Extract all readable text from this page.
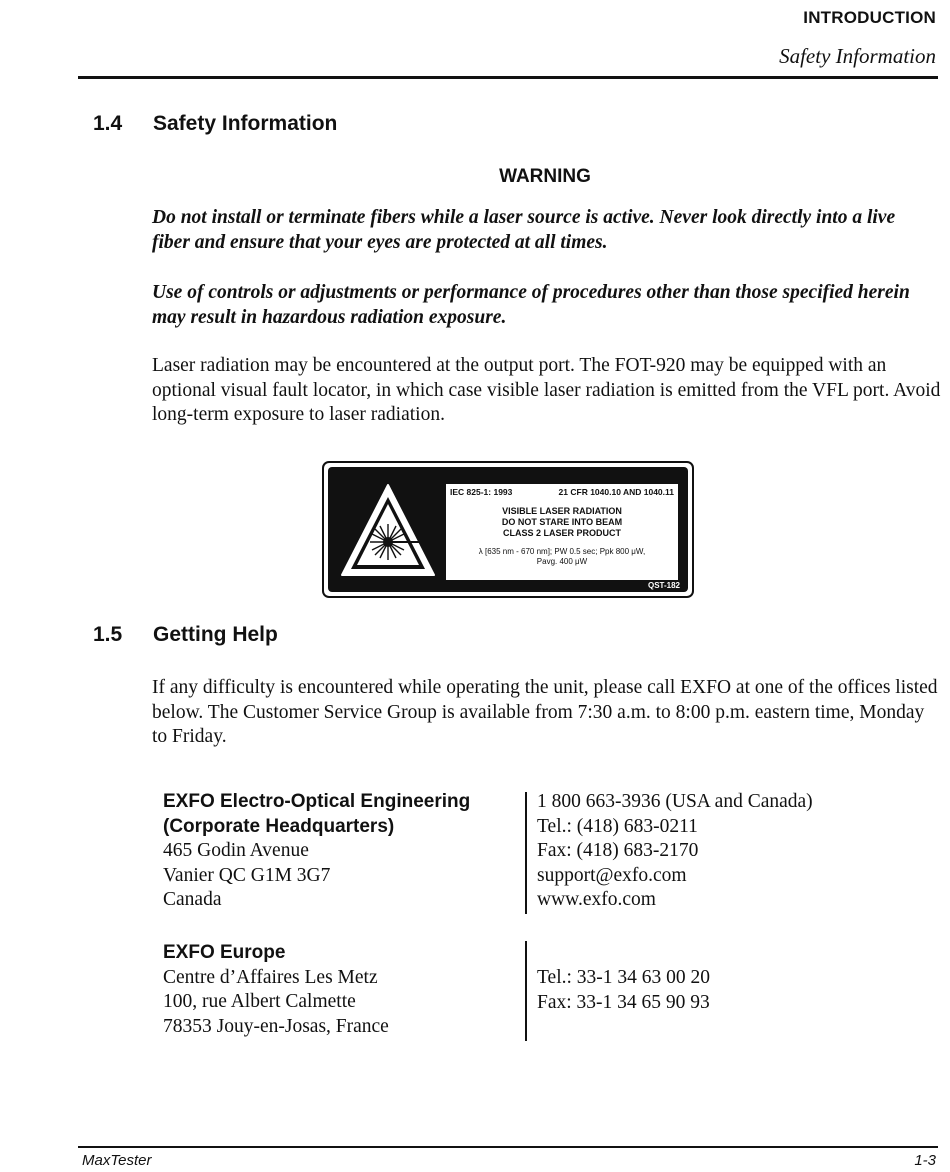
INTRODUCTION
Safety Information
1.4 Safety Information
WARNING

Do not install or terminate fibers while a laser source is active. Never look directly into a live fiber and ensure that your eyes are protected at all times.

Use of controls or adjustments or performance of procedures other than those specified herein may result in hazardous radiation exposure.

Laser radiation may be encountered at the output port. The FOT-920 may be equipped with an optional visual fault locator, in which case visible laser radiation is emitted from the VFL port. Avoid long-term exposure to laser radiation.

IEC 825-1: 1993	21 CFR 1040.10 AND 1040.11
VISIBLE LASER RADIATION
DO NOT STARE INTO BEAM
CLASS 2 LASER PRODUCT
λ [635 nm - 670 nm]; PW 0.5 sec; Ppk 800 μW,
Pavg. 400 μW
QST-182
1.5 Getting Help

If any difficulty is encountered while operating the unit, please call EXFO at one of the offices listed below. The Customer Service Group is available from 7:30 a.m. to 8:00 p.m. eastern time, Monday to Friday.

EXFO Electro-Optical Engineering
(Corporate Headquarters)
465 Godin Avenue
Vanier QC G1M 3G7
Canada
1 800 663-3936 (USA and Canada)
Tel.: (418) 683-0211
Fax: (418) 683-2170
support@exfo.com
www.exfo.com
EXFO Europe
Centre d’Affaires Les Metz
100, rue Albert Calmette
78353 Jouy-en-Josas, France
Tel.: 33-1 34 63 00 20
Fax: 33-1 34 65 90 93
MaxTester	1-3
